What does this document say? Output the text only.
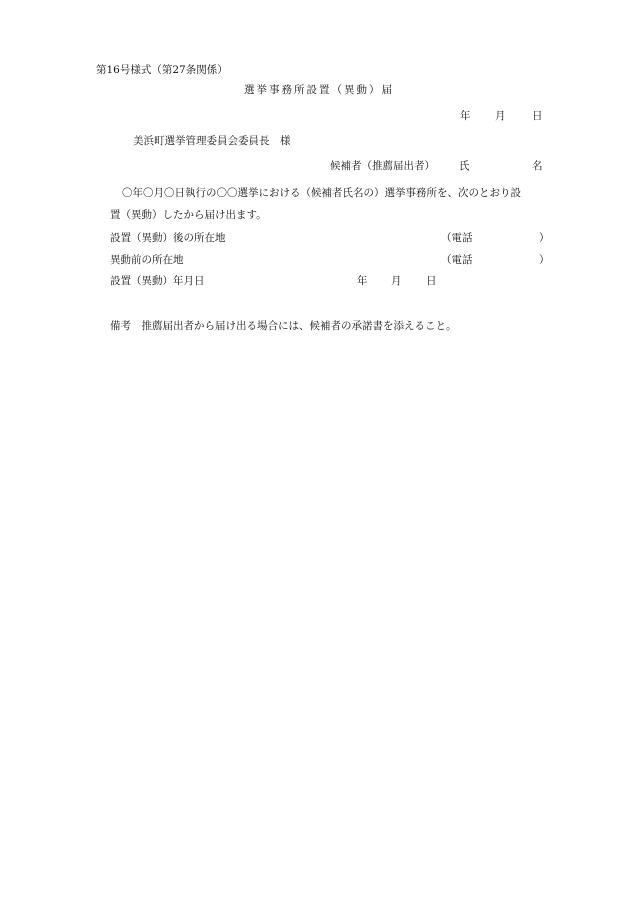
第16号様式（第27条関係）
選挙事務所設置（異動）届
年 月	日
美浜町選挙管理委員会委員長　様
候補者（推薦届出者） 氏	名
〇年〇月〇日執行の〇〇選挙における（候補者氏名の）選挙事務所を、次のとおり設
置（異動）したから届け出ます。
設置（異動）後の所在地	（電話	）
異動前の所在地	（電話	）
設置（異動）年月日	年 月 日
備考　推薦届出者から届け出る場合には、候補者の承諾書を添えること。
